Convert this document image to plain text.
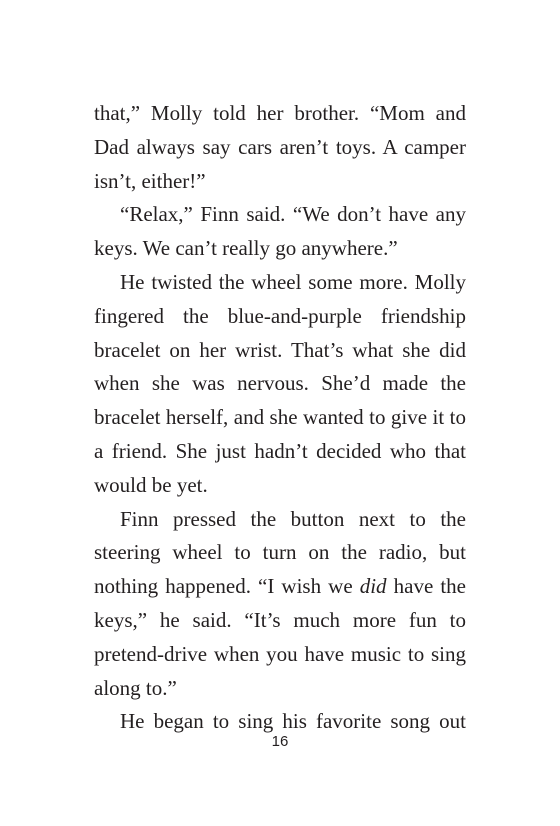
that,” Molly told her brother. “Mom and Dad always say cars aren’t toys. A camper isn’t, either!”

“Relax,” Finn said. “We don’t have any keys. We can’t really go anywhere.”

He twisted the wheel some more. Molly fingered the blue-and-purple friendship bracelet on her wrist. That’s what she did when she was nervous. She’d made the bracelet herself, and she wanted to give it to a friend. She just hadn’t decided who that would be yet.

Finn pressed the button next to the steering wheel to turn on the radio, but nothing happened. “I wish we did have the keys,” he said. “It’s much more fun to pretend-drive when you have music to sing along to.”

He began to sing his favorite song out

16
